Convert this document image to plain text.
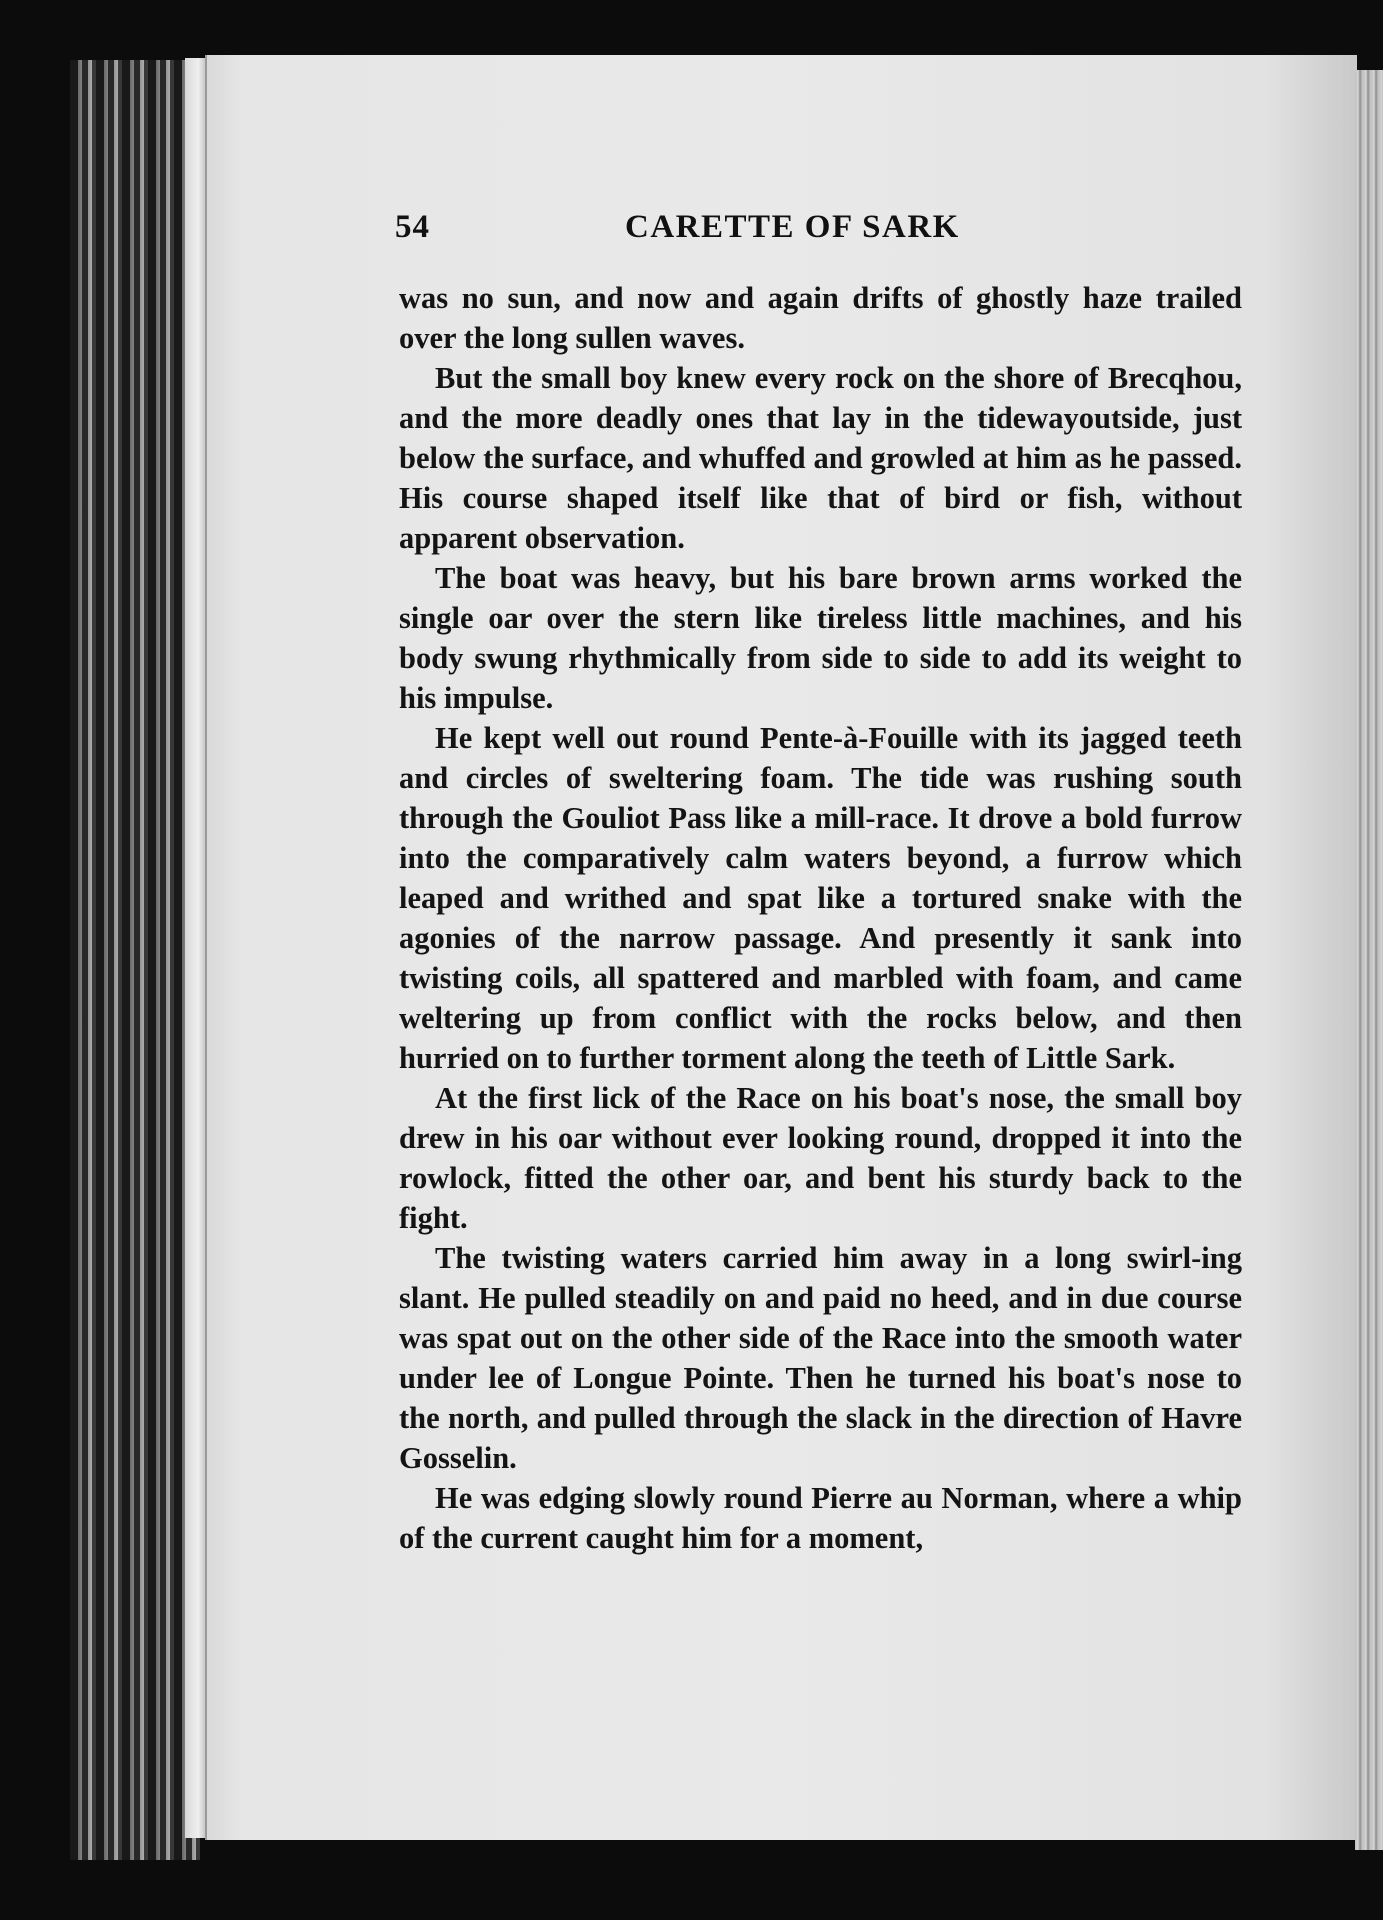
54	CARETTE OF SARK

was no sun, and now and again drifts of ghostly haze trailed over the long sullen waves.

But the small boy knew every rock on the shore of Brecqhou, and the more deadly ones that lay in the tidewayoutside, just below the surface, and whuffed and growled at him as he passed. His course shaped itself like that of bird or fish, without apparent observation.

The boat was heavy, but his bare brown arms worked the single oar over the stern like tireless little machines, and his body swung rhythmically from side to side to add its weight to his impulse.

He kept well out round Pente-à-Fouille with its jagged teeth and circles of sweltering foam. The tide was rushing south through the Gouliot Pass like a mill-race. It drove a bold furrow into the comparatively calm waters beyond, a furrow which leaped and writhed and spat like a tortured snake with the agonies of the narrow passage. And presently it sank into twisting coils, all spattered and marbled with foam, and came weltering up from conflict with the rocks below, and then hurried on to further torment along the teeth of Little Sark.

At the first lick of the Race on his boat's nose, the small boy drew in his oar without ever looking round, dropped it into the rowlock, fitted the other oar, and bent his sturdy back to the fight.

The twisting waters carried him away in a long swirl-ing slant. He pulled steadily on and paid no heed, and in due course was spat out on the other side of the Race into the smooth water under lee of Longue Pointe. Then he turned his boat's nose to the north, and pulled through the slack in the direction of Havre Gosselin.

He was edging slowly round Pierre au Norman, where a whip of the current caught him for a moment,
